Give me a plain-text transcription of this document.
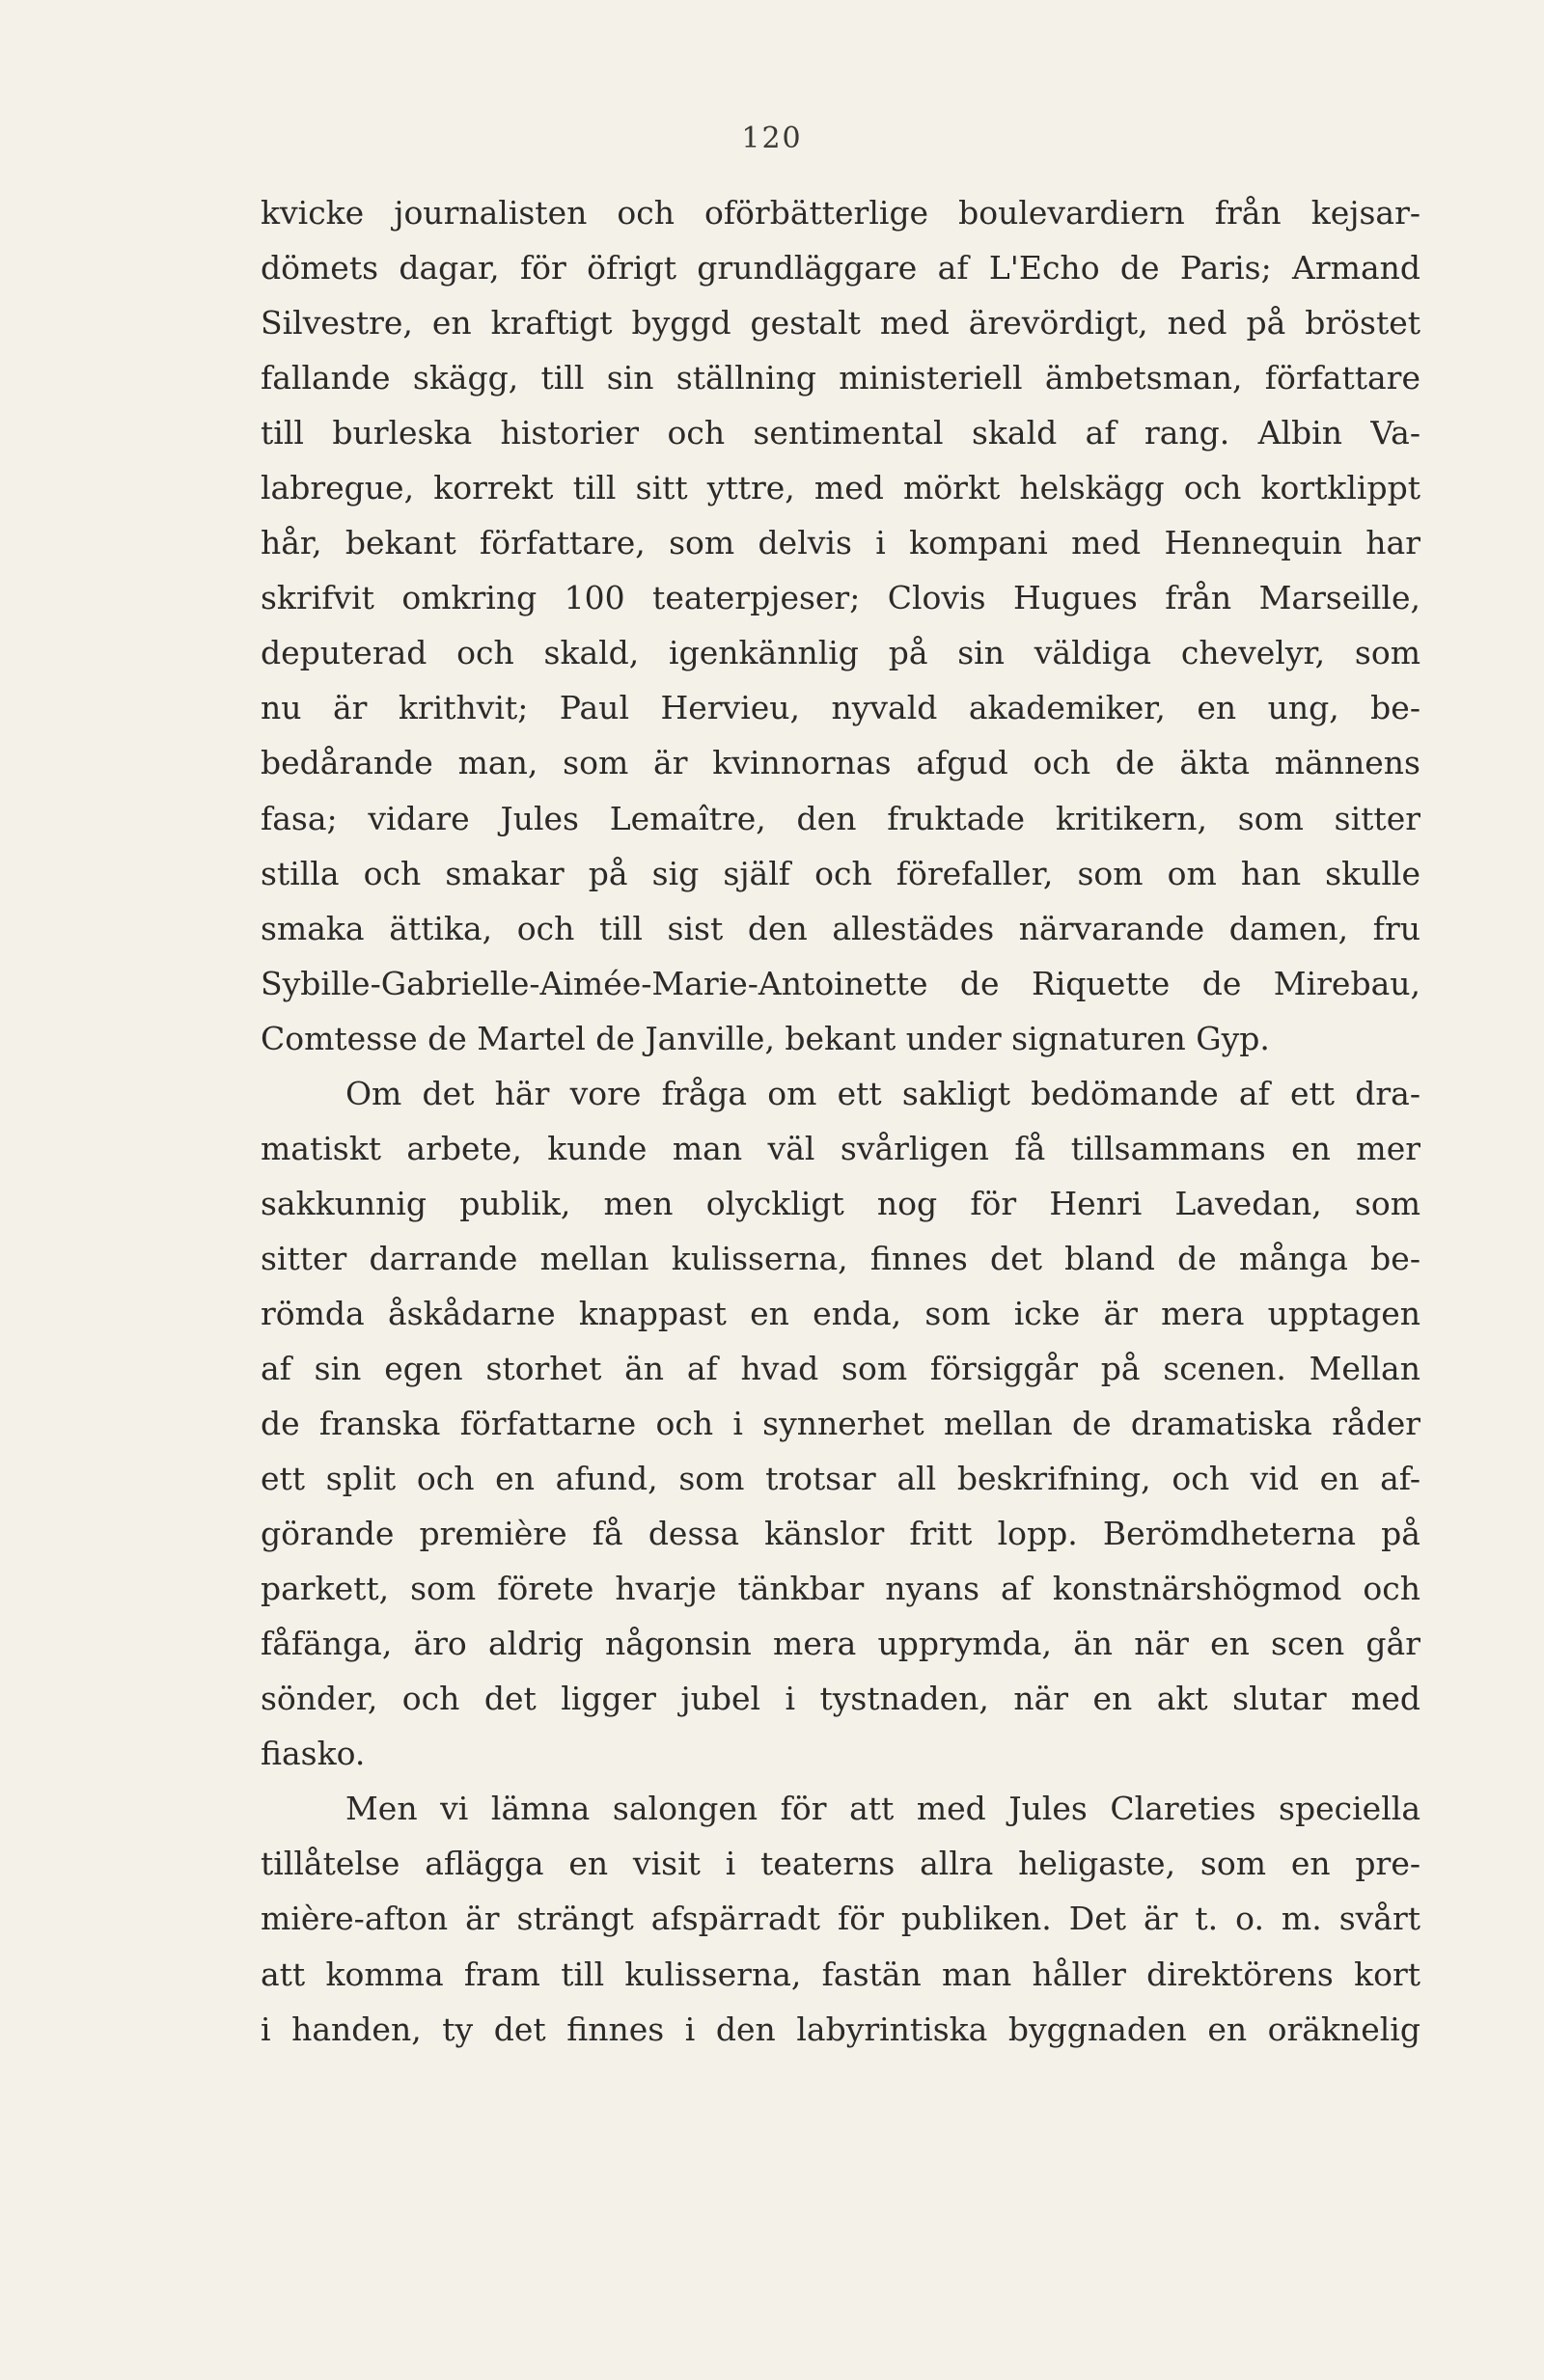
120
kvicke journalisten och oförbätterlige boulevardiern från kejsar-
dömets dagar, för öfrigt grundläggare af L'Echo de Paris; Armand
Silvestre, en kraftigt byggd gestalt med ärevördigt, ned på bröstet
fallande skägg, till sin ställning ministeriell ämbetsman, författare
till burleska historier och sentimental skald af rang. Albin Va-
labregue, korrekt till sitt yttre, med mörkt helskägg och kortklippt
hår, bekant författare, som delvis i kompani med Hennequin har
skrifvit omkring 100 teaterpjeser; Clovis Hugues från Marseille,
deputerad och skald, igenkännlig på sin väldiga chevelyr, som
nu är krithvit; Paul Hervieu, nyvald akademiker, en ung, be-
bedårande man, som är kvinnornas afgud och de äkta männens
fasa; vidare Jules Lemaître, den fruktade kritikern, som sitter
stilla och smakar på sig själf och förefaller, som om han skulle
smaka ättika, och till sist den allestädes närvarande damen, fru
Sybille-Gabrielle-Aimée-Marie-Antoinette de Riquette de Mirebau,
Comtesse de Martel de Janville, bekant under signaturen Gyp.
Om det här vore fråga om ett sakligt bedömande af ett dra-
matiskt arbete, kunde man väl svårligen få tillsammans en mer
sakkunnig publik, men olyckligt nog för Henri Lavedan, som
sitter darrande mellan kulisserna, finnes det bland de många be-
römda åskådarne knappast en enda, som icke är mera upptagen
af sin egen storhet än af hvad som försiggår på scenen. Mellan
de franska författarne och i synnerhet mellan de dramatiska råder
ett split och en afund, som trotsar all beskrifning, och vid en af-
görande première få dessa känslor fritt lopp. Berömdheterna på
parkett, som förete hvarje tänkbar nyans af konstnärshögmod och
fåfänga, äro aldrig någonsin mera upprymda, än när en scen går
sönder, och det ligger jubel i tystnaden, när en akt slutar med
fiasko.
Men vi lämna salongen för att med Jules Clareties speciella
tillåtelse aflägga en visit i teaterns allra heligaste, som en pre-
mière-afton är strängt afspärradt för publiken. Det är t. o. m. svårt
att komma fram till kulisserna, fastän man håller direktörens kort
i handen, ty det finnes i den labyrintiska byggnaden en oräknelig
